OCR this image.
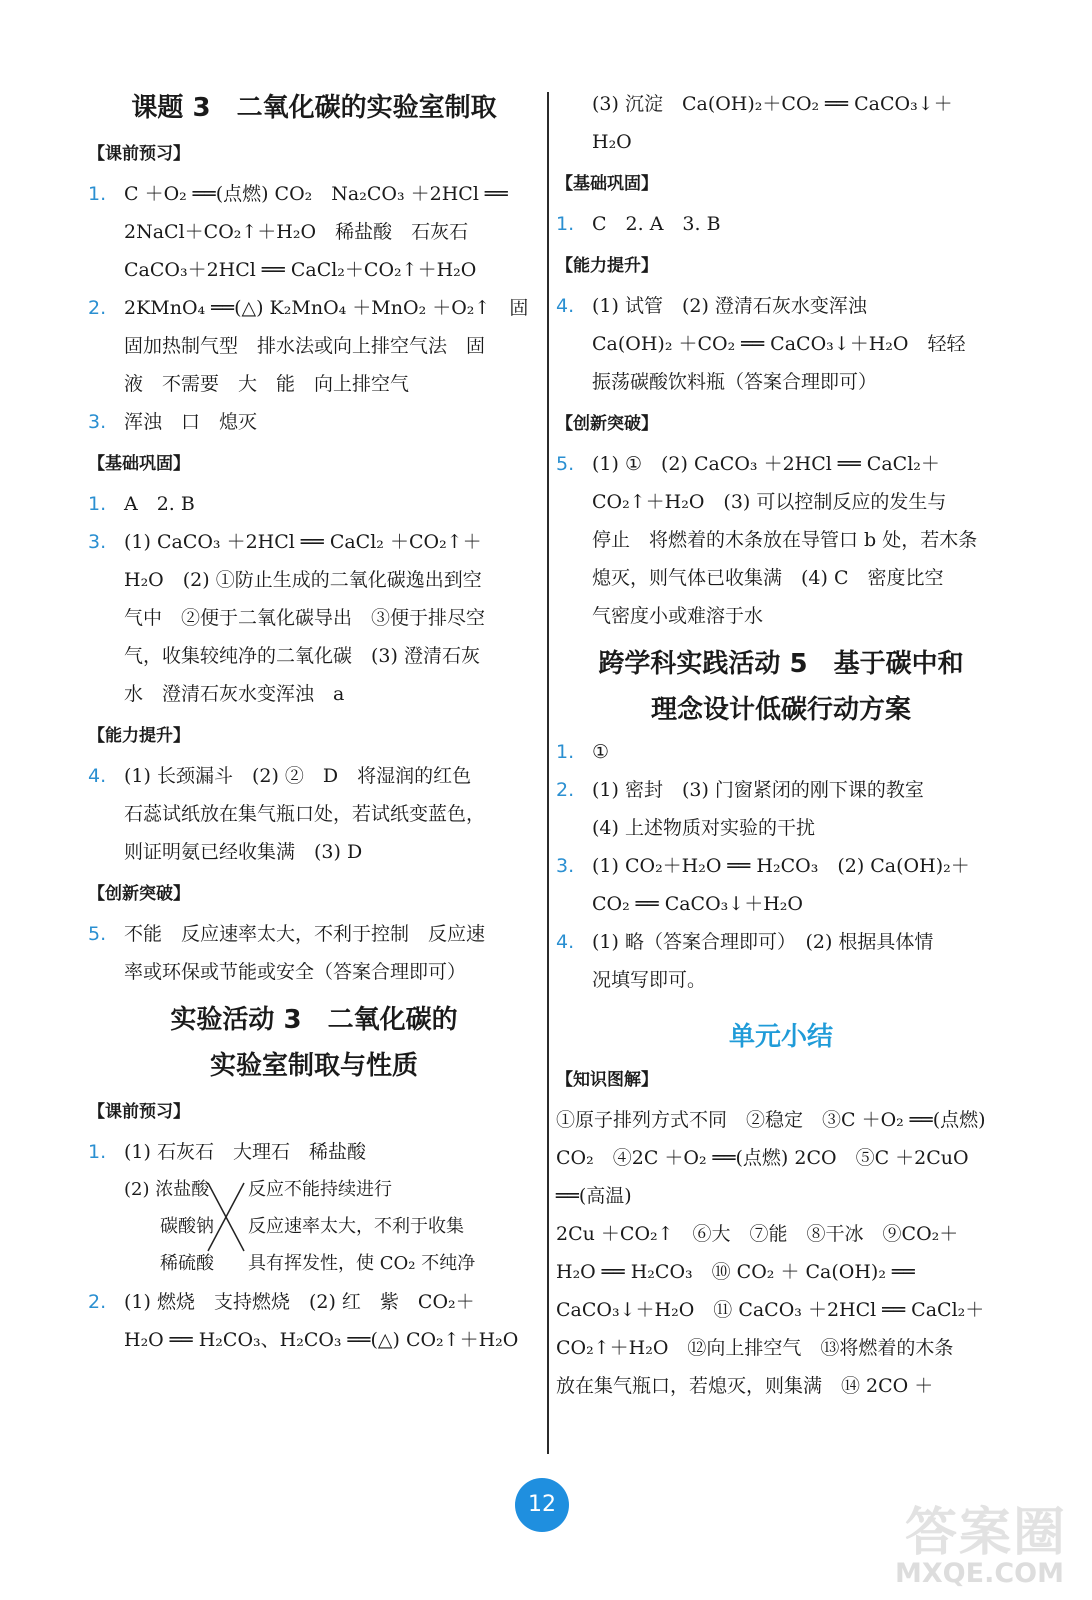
课题 3　二氧化碳的实验室制取
【课前预习】
1. C ＋O₂ ══(点燃) CO₂　Na₂CO₃ ＋2HCl ══
2NaCl＋CO₂↑＋H₂O　稀盐酸　石灰石
CaCO₃＋2HCl ══ CaCl₂＋CO₂↑＋H₂O
2. 2KMnO₄ ══(△) K₂MnO₄ ＋MnO₂ ＋O₂↑　固
固加热制气型　排水法或向上排空气法　固
液　不需要　大　能　向上排空气
3. 浑浊　口　熄灭
【基础巩固】
1. A　2. B
3. (1) CaCO₃ ＋2HCl ══ CaCl₂ ＋CO₂↑＋
H₂O　(2) ①防止生成的二氧化碳逸出到空
气中　②便于二氧化碳导出　③便于排尽空
气，收集较纯净的二氧化碳　(3) 澄清石灰
水　澄清石灰水变浑浊　a
【能力提升】
4. (1) 长颈漏斗　(2) ②　D　将湿润的红色
石蕊试纸放在集气瓶口处，若试纸变蓝色，
则证明氨已经收集满　(3) D
【创新突破】
5. 不能　反应速率太大，不利于控制　反应速
率或环保或节能或安全（答案合理即可）
实验活动 3　二氧化碳的
实验室制取与性质
【课前预习】
1. (1) 石灰石　大理石　稀盐酸
(2) 浓盐酸
碳酸钠
稀硫酸
反应不能持续进行
反应速率太大，不利于收集
具有挥发性，使 CO₂ 不纯净
2. (1) 燃烧　支持燃烧　(2) 红　紫　CO₂＋
H₂O ══ H₂CO₃、H₂CO₃ ══(△) CO₂↑＋H₂O
(3) 沉淀　Ca(OH)₂＋CO₂ ══ CaCO₃↓＋
H₂O
【基础巩固】
1. C　2. A　3. B
【能力提升】
4. (1) 试管　(2) 澄清石灰水变浑浊
Ca(OH)₂ ＋CO₂ ══ CaCO₃↓＋H₂O　轻轻
振荡碳酸饮料瓶（答案合理即可）
【创新突破】
5. (1) ①　(2) CaCO₃ ＋2HCl ══ CaCl₂＋
CO₂↑＋H₂O　(3) 可以控制反应的发生与
停止　将燃着的木条放在导管口 b 处，若木条
熄灭，则气体已收集满　(4) C　密度比空
气密度小或难溶于水
跨学科实践活动 5　基于碳中和
理念设计低碳行动方案
1. ①
2. (1) 密封　(3) 门窗紧闭的刚下课的教室
(4) 上述物质对实验的干扰
3. (1) CO₂＋H₂O ══ H₂CO₃　(2) Ca(OH)₂＋
CO₂ ══ CaCO₃↓＋H₂O
4. (1) 略（答案合理即可）　(2) 根据具体情
况填写即可。
单元小结
【知识图解】
①原子排列方式不同　②稳定　③C ＋O₂ ══(点燃)
CO₂　④2C ＋O₂ ══(点燃) 2CO　⑤C ＋2CuO ══(高温)
2Cu ＋CO₂↑　⑥大　⑦能　⑧干冰　⑨CO₂＋
H₂O ══ H₂CO₃　⑩ CO₂ ＋ Ca(OH)₂ ══
CaCO₃↓＋H₂O　⑪ CaCO₃ ＋2HCl ══ CaCl₂＋
CO₂↑＋H₂O　⑫向上排空气　⑬将燃着的木条
放在集气瓶口，若熄灭，则集满　⑭ 2CO ＋
12	答案圈
MXQE.COM
